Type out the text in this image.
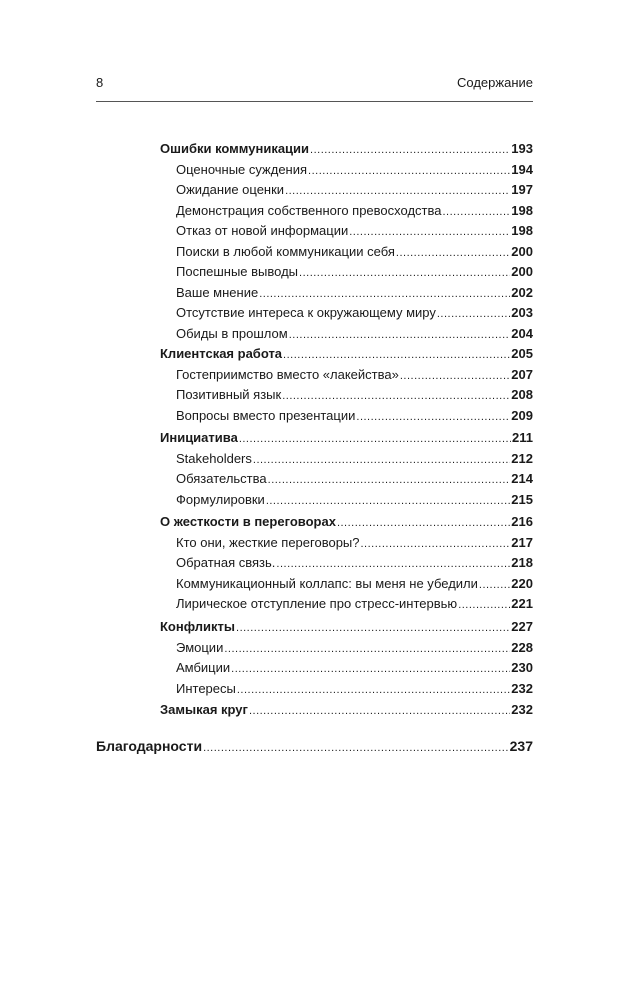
8	Содержание
Ошибки коммуникации .....	193
Оценочные суждения .....	194
Ожидание оценки .....	197
Демонстрация собственного превосходства .....	198
Отказ от новой информации .....	198
Поиски в любой коммуникации себя .....	200
Поспешные выводы .....	200
Ваше мнение .....	202
Отсутствие интереса к окружающему миру .....	203
Обиды в прошлом .....	204
Клиентская работа .....	205
Гостеприимство вместо «лакейства» .....	207
Позитивный язык .....	208
Вопросы вместо презентации .....	209
Инициатива .....	211
Stakeholders .....	212
Обязательства .....	214
Формулировки .....	215
О жесткости в переговорах .....	216
Кто они, жесткие переговоры? .....	217
Обратная связь. .....	218
Коммуникационный коллапс: вы меня не убедили .....	220
Лирическое отступление про стресс-интервью .....	221
Конфликты .....	227
Эмоции .....	228
Амбиции .....	230
Интересы .....	232
Замыкая круг .....	232
Благодарности .....	237
